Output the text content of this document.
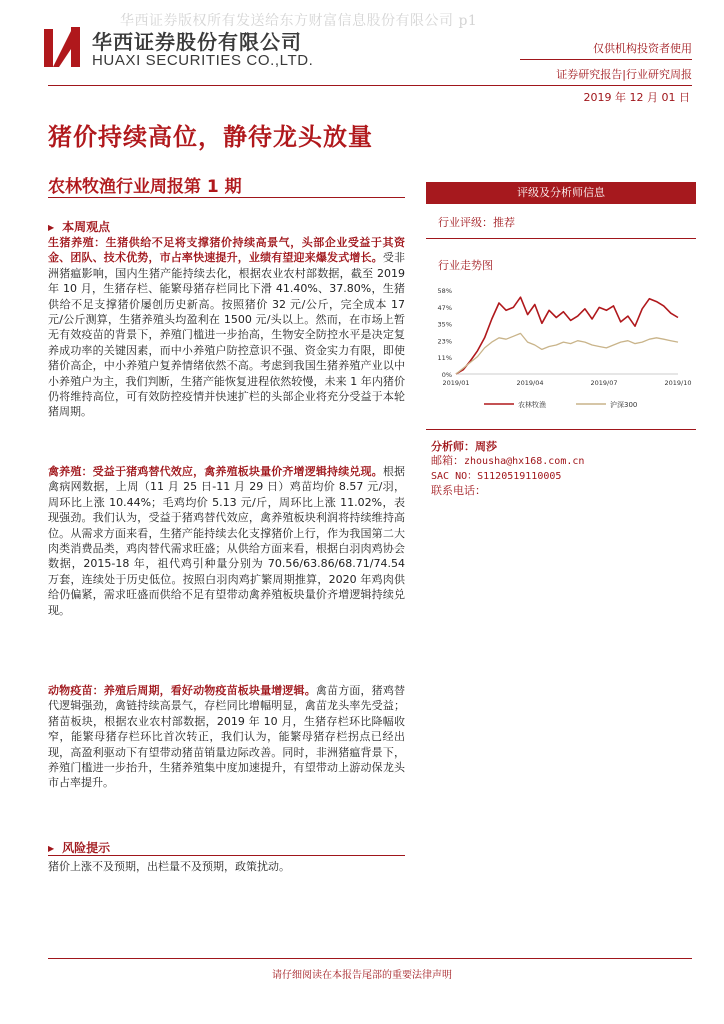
华西证券版权所有发送给东方财富信息股份有限公司 p1
华西证券股份有限公司
HUAXI SECURITIES CO.,LTD.
仅供机构投资者使用
证券研究报告|行业研究周报
2019 年 12 月 01 日
猪价持续高位，静待龙头放量
农林牧渔行业周报第 1 期	评级及分析师信息
行业评级：推荐
行业走势图
58%
47%
35%
23%
11%
0%
2019/01	2019/04	2019/07	2019/10
农林牧渔	沪深300
分析师：周莎
邮箱：zhousha@hx168.com.cn
SAC NO：S1120519110005
联系电话：
▶ 本周观点
生猪养殖：生猪供给不足将支撑猪价持续高景气，头部企业受益于其资金、团队、技术优势，市占率快速提升，业绩有望迎来爆发式增长。受非洲猪瘟影响，国内生猪产能持续去化，根据农业农村部数据，截至 2019 年 10 月，生猪存栏、能繁母猪存栏同比下滑 41.40%、37.80%，生猪供给不足支撑猪价屡创历史新高。按照猪价 32 元/公斤，完全成本 17 元/公斤测算，生猪养殖头均盈利在 1500 元/头以上。然而，在市场上暂无有效疫苗的背景下，养殖门槛进一步抬高，生物安全防控水平是决定复养成功率的关键因素，而中小养殖户防控意识不强、资金实力有限，即使猪价高企，中小养殖户复养情绪依然不高。考虑到我国生猪养殖产业以中小养殖户为主，我们判断，生猪产能恢复进程依然较慢，未来 1 年内猪价仍将维持高位，可有效防控疫情并快速扩栏的头部企业将充分受益于本轮猪周期。
禽养殖：受益于猪鸡替代效应，禽养殖板块量价齐增逻辑持续兑现。根据禽病网数据，上周（11 月 25 日-11 月 29 日）鸡苗均价 8.57 元/羽，周环比上涨 10.44%；毛鸡均价 5.13 元/斤，周环比上涨 11.02%，表现强劲。我们认为，受益于猪鸡替代效应，禽养殖板块利润将持续维持高位。从需求方面来看，生猪产能持续去化支撑猪价上行，作为我国第二大肉类消费品类，鸡肉替代需求旺盛；从供给方面来看，根据白羽肉鸡协会数据，2015-18 年，祖代鸡引种量分别为 70.56/63.86/68.71/74.54 万套，连续处于历史低位。按照白羽肉鸡扩繁周期推算，2020 年鸡肉供给仍偏紧，需求旺盛而供给不足有望带动禽养殖板块量价齐增逻辑持续兑现。
动物疫苗：养殖后周期，看好动物疫苗板块量增逻辑。禽苗方面，猪鸡替代逻辑强劲，禽链持续高景气，存栏同比增幅明显，禽苗龙头率先受益；猪苗板块，根据农业农村部数据，2019 年 10 月，生猪存栏环比降幅收窄，能繁母猪存栏环比首次转正，我们认为，能繁母猪存栏拐点已经出现，高盈利驱动下有望带动猪苗销量边际改善。同时，非洲猪瘟背景下，养殖门槛进一步抬升，生猪养殖集中度加速提升，有望带动上游动保龙头市占率提升。
▶ 风险提示
猪价上涨不及预期，出栏量不及预期，政策扰动。
请仔细阅读在本报告尾部的重要法律声明
